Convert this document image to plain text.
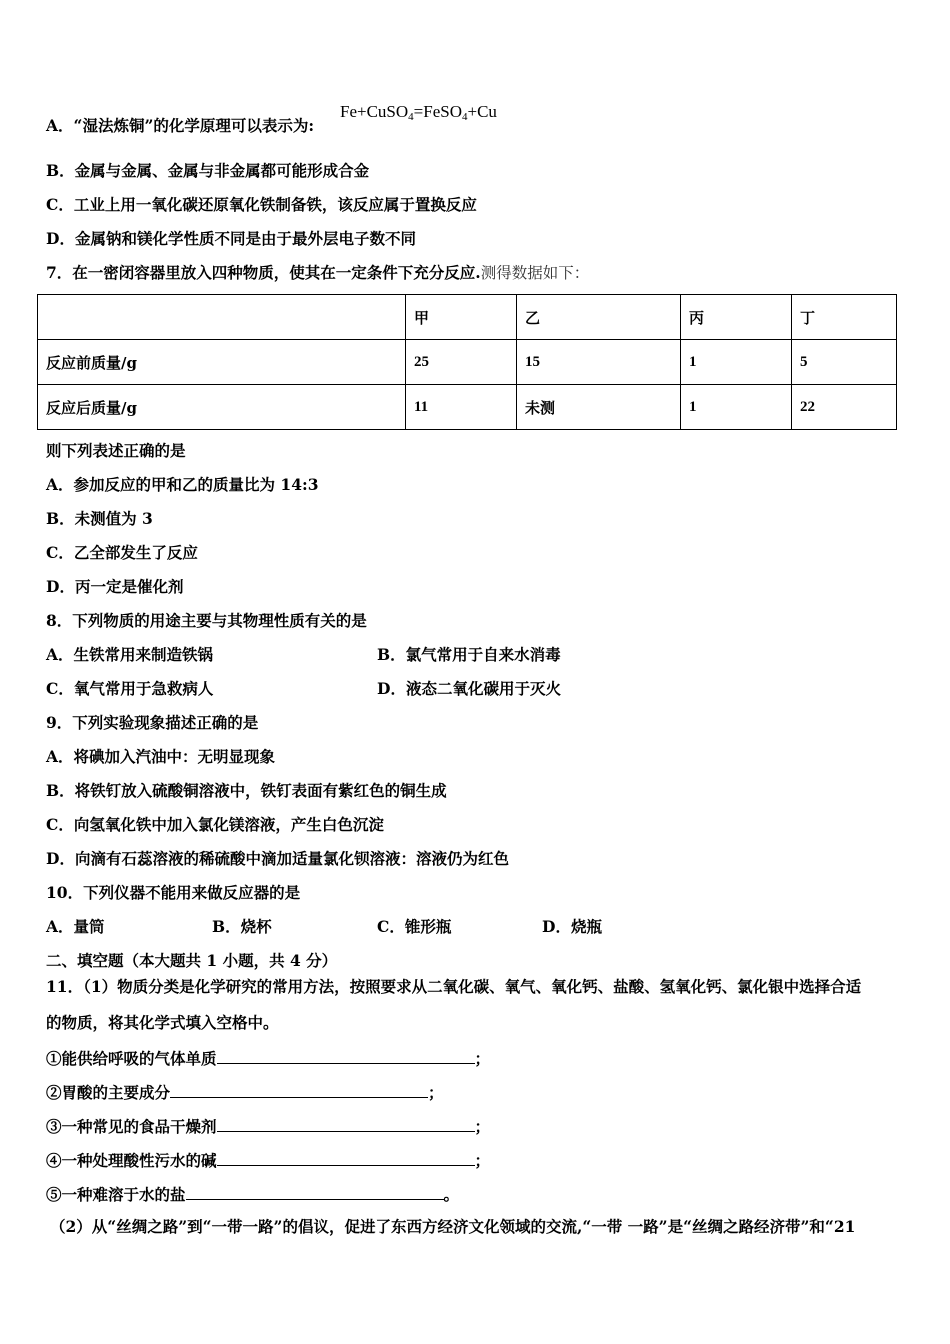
A．“湿法炼铜”的化学原理可以表示为:
Fe+CuSO$_4$=FeSO$_4$+Cu
B．金属与金属、金属与非金属都可能形成合金
C．工业上用一氧化碳还原氧化铁制备铁，该反应属于置换反应
D．金属钠和镁化学性质不同是由于最外层电子数不同
7．在一密闭容器里放入四种物质，使其在一定条件下充分反应.测得数据如下：
	甲	乙	丙	丁
反应前质量/g	25	15	1	5
反应后质量/g	11	未测	1	22
则下列表述正确的是
A．参加反应的甲和乙的质量比为 14:3
B．未测值为 3
C．乙全部发生了反应
D．丙一定是催化剂
8．下列物质的用途主要与其物理性质有关的是
A．生铁常用来制造铁锅	B．氯气常用于自来水消毒
C．氧气常用于急救病人	D．液态二氧化碳用于灭火
9．下列实验现象描述正确的是
A．将碘加入汽油中：无明显现象
B．将铁钉放入硫酸铜溶液中，铁钉表面有紫红色的铜生成
C．向氢氧化铁中加入氯化镁溶液，产生白色沉淀
D．向滴有石蕊溶液的稀硫酸中滴加适量氯化钡溶液：溶液仍为红色
10．下列仪器不能用来做反应器的是
A．量筒	B．烧杯	C．锥形瓶	D．烧瓶
二、填空题（本大题共 1 小题，共 4 分）
11．（1）物质分类是化学研究的常用方法，按照要求从二氧化碳、氧气、氧化钙、盐酸、氢氧化钙、氯化银中选择合适
的物质，将其化学式填入空格中。
①能供给呼吸的气体单质	；
②胃酸的主要成分	；
③一种常见的食品干燥剂	；
④一种处理酸性污水的碱	；
⑤一种难溶于水的盐	。
（2）从“丝绸之路”到“一带一路”的倡议，促进了东西方经济文化领域的交流,“一带 一路”是“丝绸之路经济带”和“21
